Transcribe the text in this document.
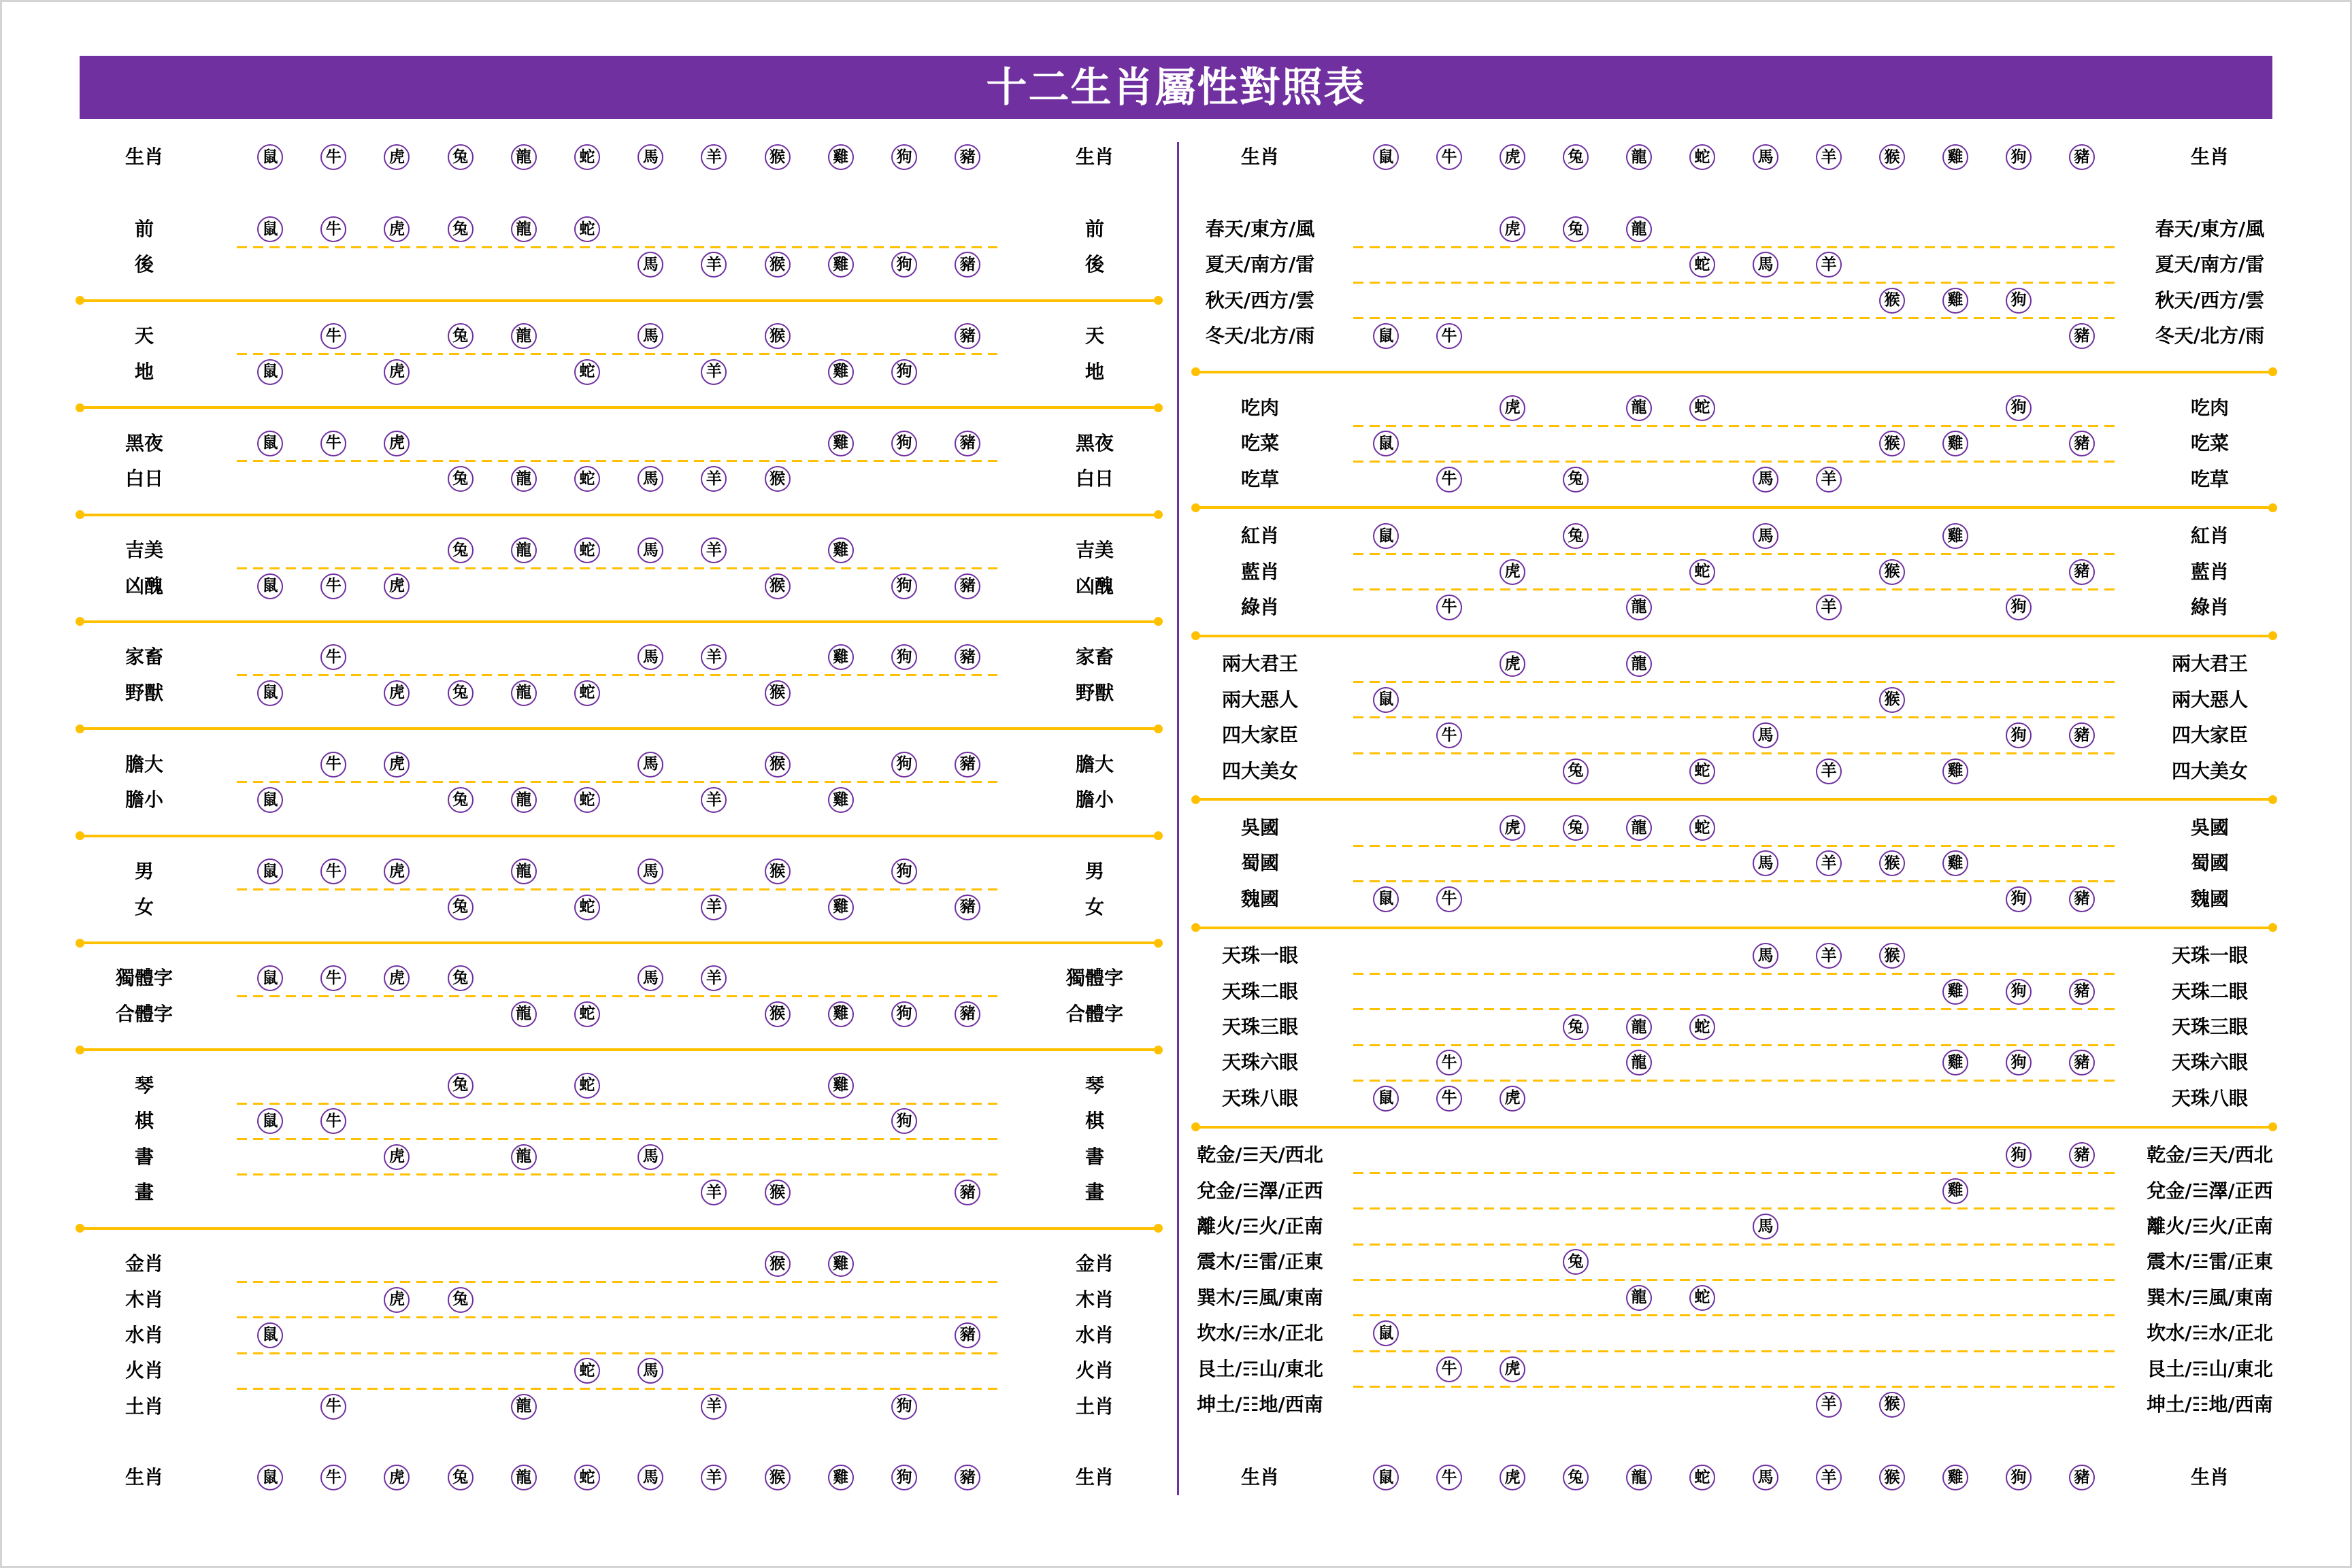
十二生肖屬性對照表
生肖	生肖
鼠	牛	虎	兔	龍	蛇	馬	羊	猴	雞	狗	豬
生肖	生肖
鼠	牛	虎	兔	龍	蛇	馬	羊	猴	雞	狗	豬
前	前
鼠	牛	虎	兔	龍	蛇
後	後
馬	羊	猴	雞	狗	豬
天	天
牛	兔	龍	馬	猴	豬
地	地
鼠	虎	蛇	羊	雞	狗
黑夜	黑夜
鼠	牛	虎	雞	狗	豬
白日	白日
兔	龍	蛇	馬	羊	猴
吉美	吉美
兔	龍	蛇	馬	羊	雞
凶醜	凶醜
鼠	牛	虎	猴	狗	豬
家畜	家畜
牛	馬	羊	雞	狗	豬
野獸	野獸
鼠	虎	兔	龍	蛇	猴
膽大	膽大
牛	虎	馬	猴	狗	豬
膽小	膽小
鼠	兔	龍	蛇	羊	雞
男	男
鼠	牛	虎	龍	馬	猴	狗
女	女
兔	蛇	羊	雞	豬
獨體字	獨體字
鼠	牛	虎	兔	馬	羊
合體字	合體字
龍	蛇	猴	雞	狗	豬
琴	琴
兔	蛇	雞
棋	棋
鼠	牛	狗
書	書
虎	龍	馬
畫	畫
羊	猴	豬
金肖	金肖
猴	雞
木肖	木肖
虎	兔
水肖	水肖
鼠	豬
火肖	火肖
蛇	馬
土肖	土肖
牛	龍	羊	狗
生肖	生肖
鼠	牛	虎	兔	龍	蛇	馬	羊	猴	雞	狗	豬
生肖	生肖
鼠	牛	虎	兔	龍	蛇	馬	羊	猴	雞	狗	豬
春天/東方/風	春天/東方/風
虎	兔	龍
夏天/南方/雷	夏天/南方/雷
蛇	馬	羊
秋天/西方/雲	秋天/西方/雲
猴	雞	狗
冬天/北方/雨	冬天/北方/雨
鼠	牛	豬
吃肉	吃肉
虎	龍	蛇	狗
吃菜	吃菜
鼠	猴	雞	豬
吃草	吃草
牛	兔	馬	羊
紅肖	紅肖
鼠	兔	馬	雞
藍肖	藍肖
虎	蛇	猴	豬
綠肖	綠肖
牛	龍	羊	狗
兩大君王	兩大君王
虎	龍
兩大惡人	兩大惡人
鼠	猴
四大家臣	四大家臣
牛	馬	狗	豬
四大美女	四大美女
兔	蛇	羊	雞
吳國	吳國
虎	兔	龍	蛇
蜀國	蜀國
馬	羊	猴	雞
魏國	魏國
鼠	牛	狗	豬
天珠一眼	天珠一眼
馬	羊	猴
天珠二眼	天珠二眼
雞	狗	豬
天珠三眼	天珠三眼
兔	龍	蛇
天珠六眼	天珠六眼
牛	龍	雞	狗	豬
天珠八眼	天珠八眼
鼠	牛	虎
乾金/☰天/西北	乾金/☰天/西北
狗	豬
兌金/☱澤/正西	兌金/☱澤/正西
雞
離火/☲火/正南	離火/☲火/正南
馬
震木/☳雷/正東	震木/☳雷/正東
兔
巽木/☴風/東南	巽木/☴風/東南
龍	蛇
坎水/☵水/正北	坎水/☵水/正北
鼠
艮土/☶山/東北	艮土/☶山/東北
牛	虎
坤土/☷地/西南	坤土/☷地/西南
羊	猴
